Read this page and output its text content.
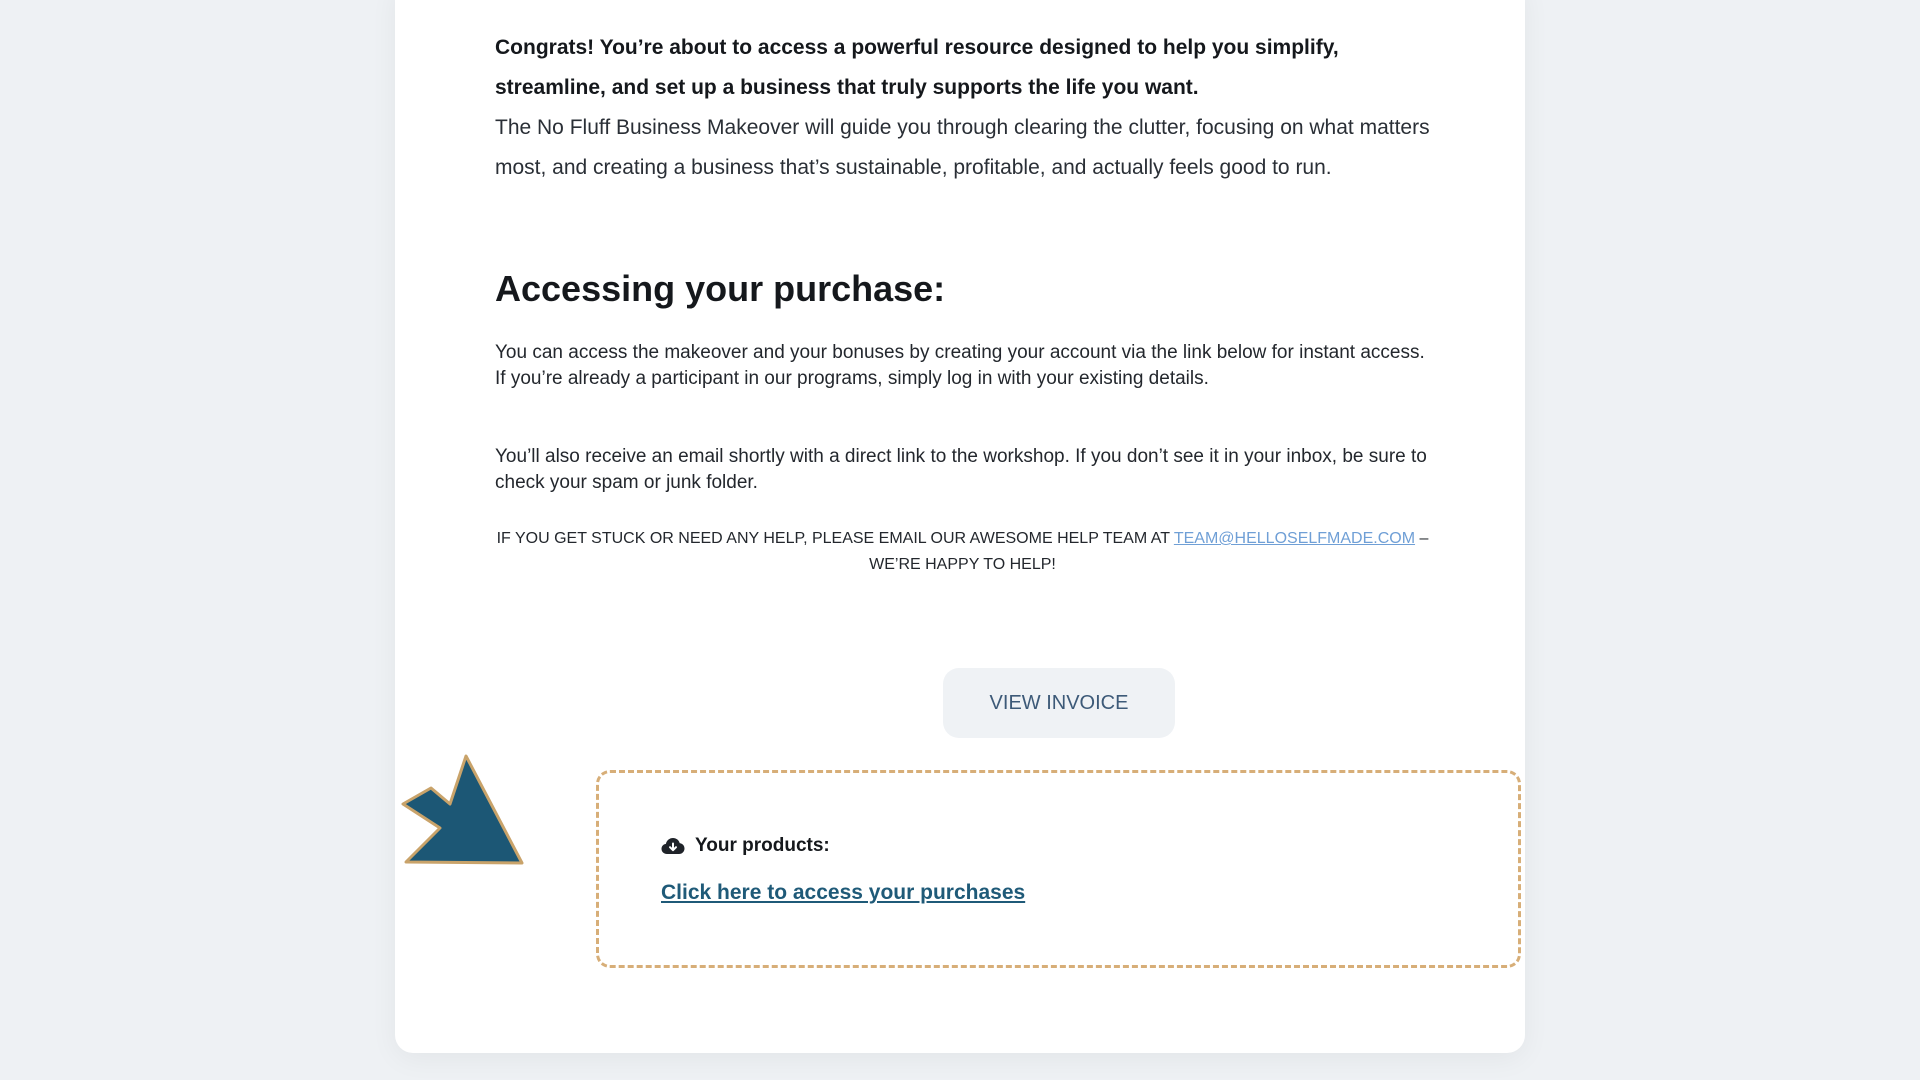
Congrats! You’re about to access a powerful resource designed to help you simplify, streamline, and set up a business that truly supports the life you want.

The No Fluff Business Makeover will guide you through clearing the clutter, focusing on what matters most, and creating a business that’s sustainable, profitable, and actually feels good to run.

Accessing your purchase:

You can access the makeover and your bonuses by creating your account via the link below for instant access. If you’re already a participant in our programs, simply log in with your existing details.

You’ll also receive an email shortly with a direct link to the workshop. If you don’t see it in your inbox, be sure to check your spam or junk folder.

IF YOU GET STUCK OR NEED ANY HELP, PLEASE EMAIL OUR AWESOME HELP TEAM AT TEAM@HELLOSELFMADE.COM – WE’RE HAPPY TO HELP!

VIEW INVOICE
Your products:
Click here to access your purchases
